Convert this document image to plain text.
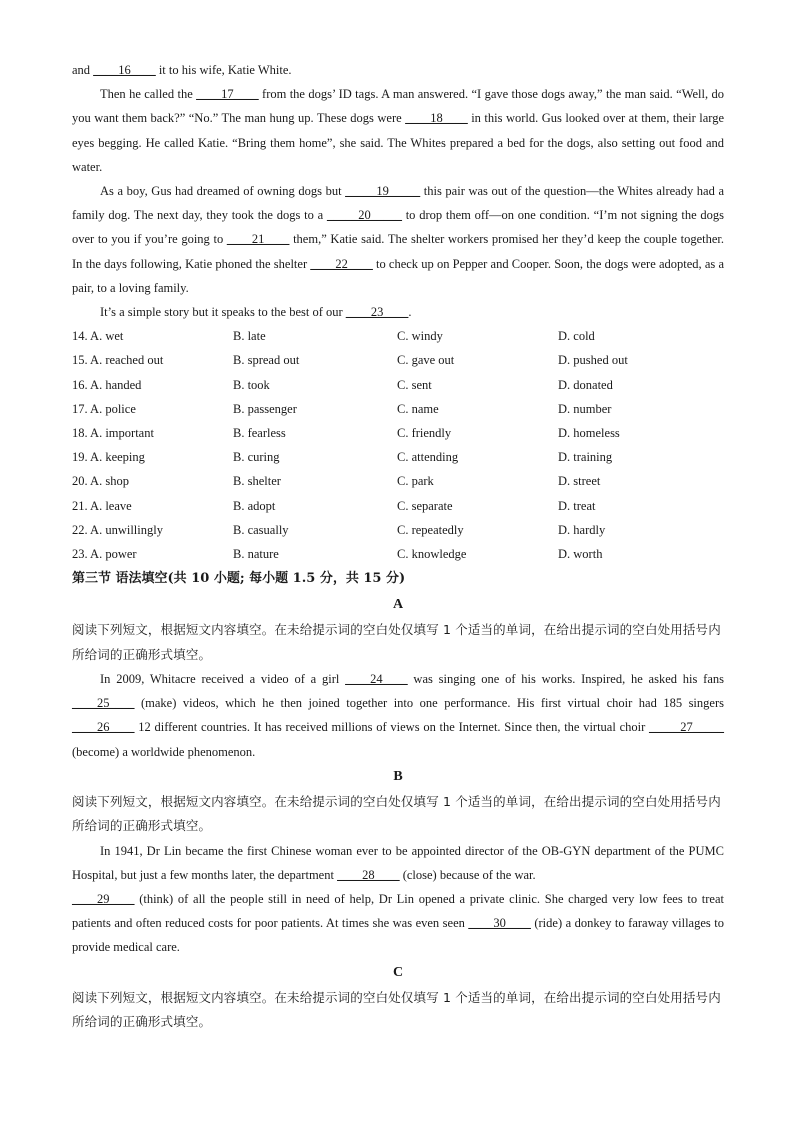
and ____16____ it to his wife, Katie White.

Then he called the ____17____ from the dogs’ ID tags. A man answered. “I gave those dogs away,” the man said. “Well, do you want them back?” “No.” The man hung up. These dogs were ____18____ in this world. Gus looked over at them, their large eyes begging. He called Katie. “Bring them home”, she said. The Whites prepared a bed for the dogs, also setting out food and water.

As a boy, Gus had dreamed of owning dogs but _____19_____ this pair was out of the question—the Whites already had a family dog. The next day, they took the dogs to a _____20_____ to drop them off—on one condition. “I’m not signing the dogs over to you if you’re going to ____21____ them,” Katie said. The shelter workers promised her they’d keep the couple together. In the days following, Katie phoned the shelter ____22____ to check up on Pepper and Cooper. Soon, the dogs were adopted, as a pair, to a loving family.

It’s a simple story but it speaks to the best of our ____23____.

14. A. wet	B. late	C. windy	D. cold
15. A. reached out	B. spread out	C. gave out	D. pushed out
16. A. handed	B. took	C. sent	D. donated
17. A. police	B. passenger	C. name	D. number
18. A. important	B. fearless	C. friendly	D. homeless
19. A. keeping	B. curing	C. attending	D. training
20. A. shop	B. shelter	C. park	D. street
21. A. leave	B. adopt	C. separate	D. treat
22. A. unwillingly	B. casually	C. repeatedly	D. hardly
23. A. power	B. nature	C. knowledge	D. worth

第三节 语法填空(共 10 小题; 每小题 1.5 分，共 15 分)

A

阅读下列短文，根据短文内容填空。在未给提示词的空白处仅填写 1 个适当的单词，在给出提示词的空白处用括号内所给词的正确形式填空。

In 2009, Whitacre received a video of a girl ____24____ was singing one of his works. Inspired, he asked his fans ____25____ (make) videos, which he then joined together into one performance. His first virtual choir had 185 singers ____26____ 12 different countries. It has received millions of views on the Internet. Since then, the virtual choir _____27_____ (become) a worldwide phenomenon.

B

阅读下列短文，根据短文内容填空。在未给提示词的空白处仅填写 1 个适当的单词，在给出提示词的空白处用括号内所给词的正确形式填空。

In 1941, Dr Lin became the first Chinese woman ever to be appointed director of the OB-GYN department of the PUMC Hospital, but just a few months later, the department ____28____ (close) because of the war.
____29____ (think) of all the people still in need of help, Dr Lin opened a private clinic. She charged very low fees to treat patients and often reduced costs for poor patients. At times she was even seen ____30____ (ride) a donkey to faraway villages to provide medical care.

C

阅读下列短文，根据短文内容填空。在未给提示词的空白处仅填写 1 个适当的单词，在给出提示词的空白处用括号内所给词的正确形式填空。
